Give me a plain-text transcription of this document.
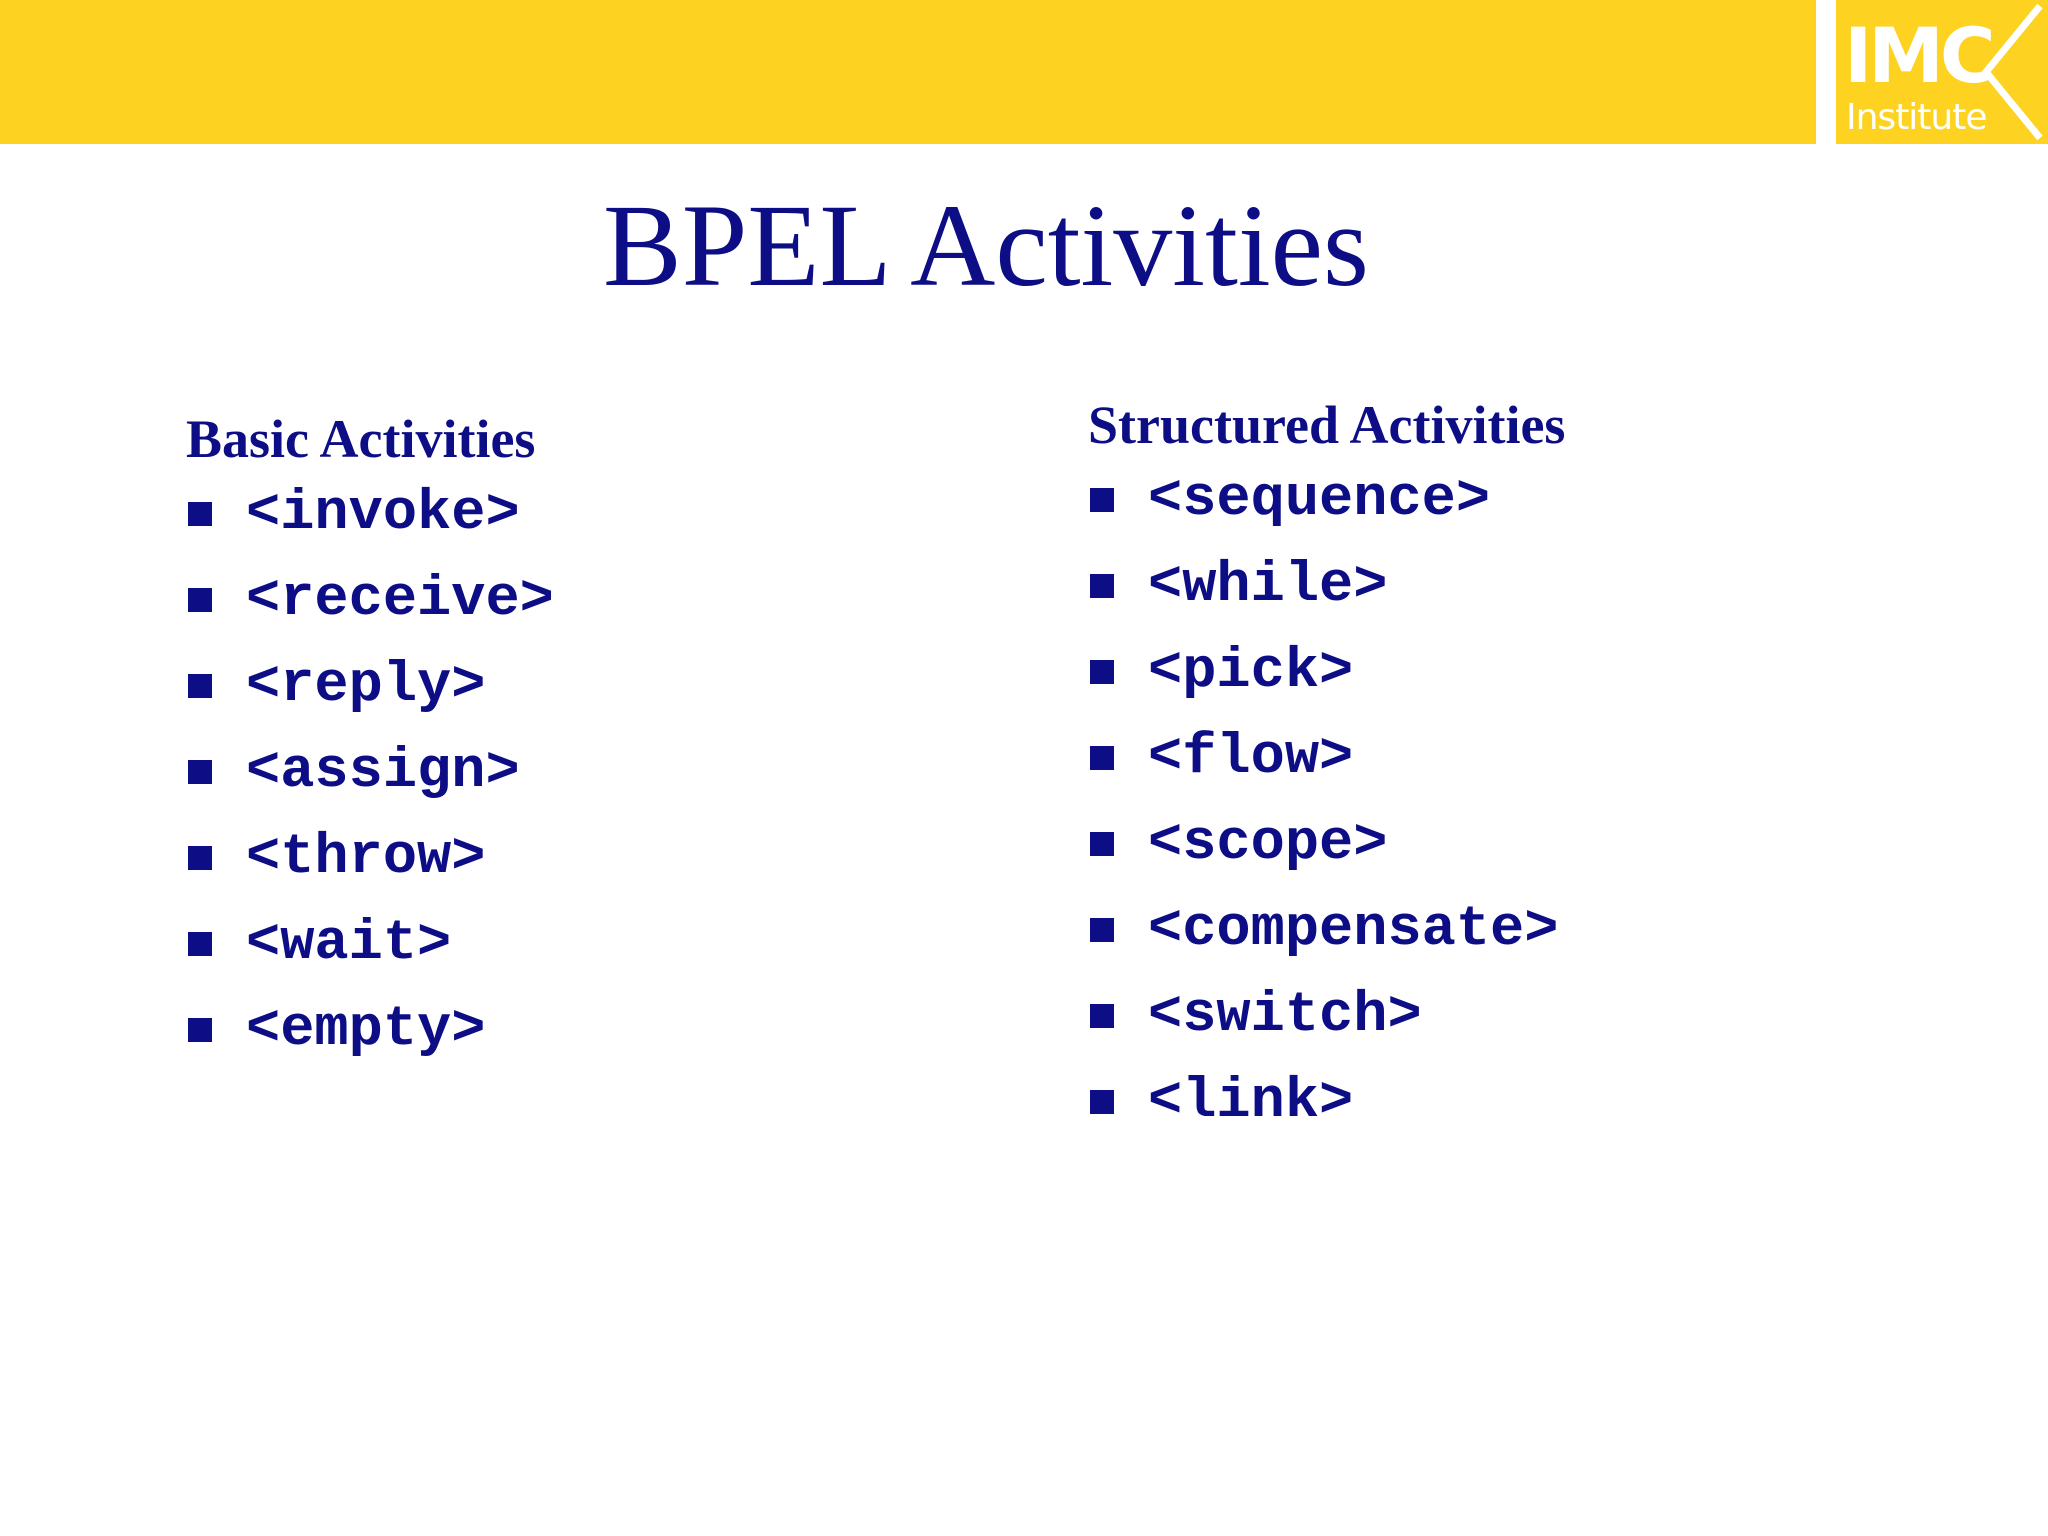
IMC
Institute
BPEL Activities
Basic Activities
<invoke>
<receive>
<reply>
<assign>
<throw>
<wait>
<empty>
Structured Activities
<sequence>
<while>
<pick>
<flow>
<scope>
<compensate>
<switch>
<link>
